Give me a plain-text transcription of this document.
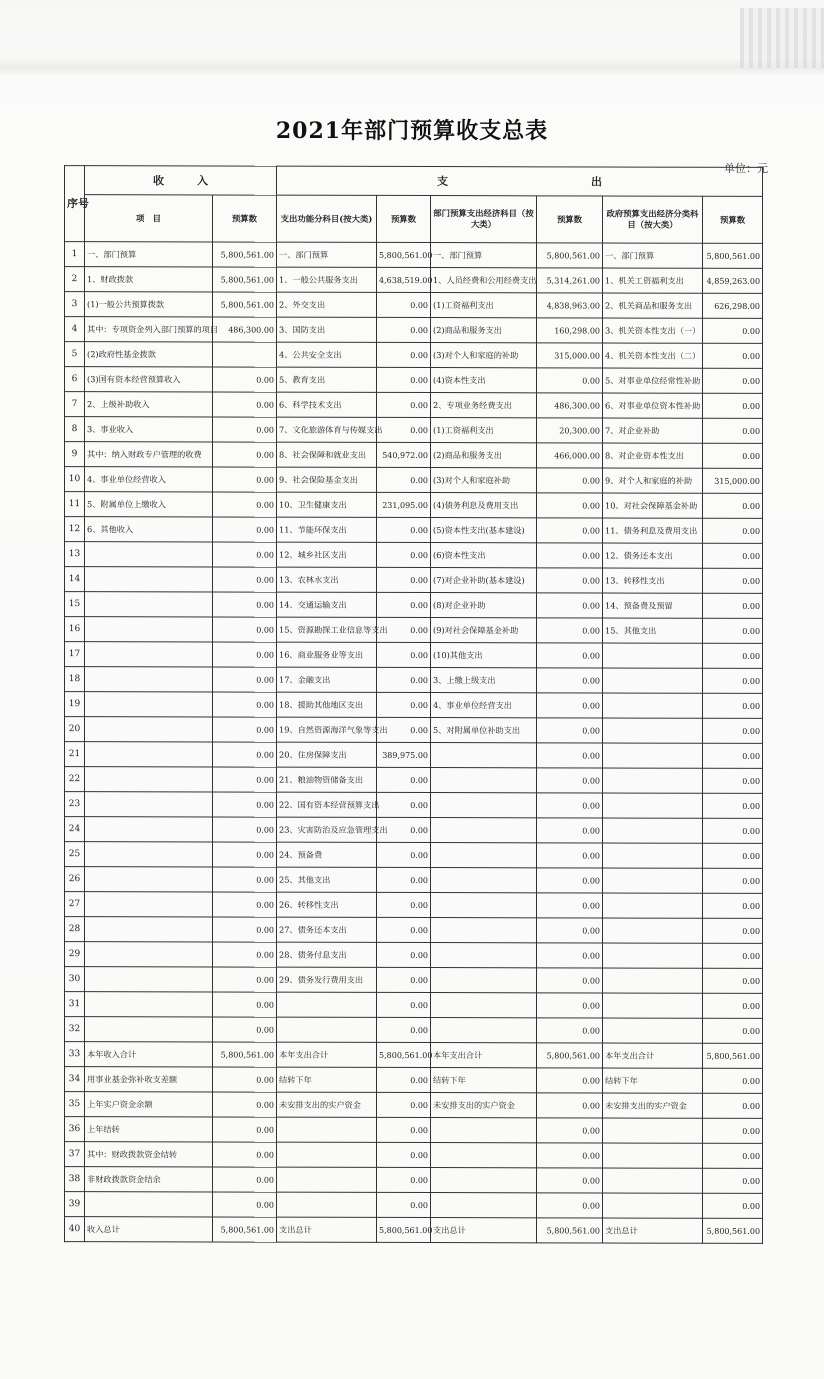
2021年部门预算收支总表
单位：元
序号	收　　　入		支　　　　　　　　　　　　　出					
	项　目	预算数	支出功能分科目(按大类)	预算数	部门预算支出经济科目（按大类）	预算数	政府预算支出经济分类科目（按大类）	预算数
1	一、部门预算	5,800,561.00	一、部门预算	5,800,561.00	一、部门预算	5,800,561.00	一、部门预算	5,800,561.00
2	1、财政拨款	5,800,561.00	1、一般公共服务支出	4,638,519.00	1、人员经费和公用经费支出	5,314,261.00	1、机关工资福利支出	4,859,263.00
3	(1)一般公共预算拨款	5,800,561.00	2、外交支出	0.00	(1)工资福利支出	4,838,963.00	2、机关商品和服务支出	626,298.00
4	其中：专项资金列入部门预算的项目	486,300.00	3、国防支出	0.00	(2)商品和服务支出	160,298.00	3、机关资本性支出（一）	0.00
5	(2)政府性基金拨款		4、公共安全支出	0.00	(3)对个人和家庭的补助	315,000.00	4、机关资本性支出（二）	0.00
6	(3)国有资本经营预算收入	0.00	5、教育支出	0.00	(4)资本性支出	0.00	5、对事业单位经常性补助	0.00
7	2、上级补助收入	0.00	6、科学技术支出	0.00	2、专项业务经费支出	486,300.00	6、对事业单位资本性补助	0.00
8	3、事业收入	0.00	7、文化旅游体育与传媒支出	0.00	(1)工资福利支出	20,300.00	7、对企业补助	0.00
9	其中：纳入财政专户管理的收费	0.00	8、社会保障和就业支出	540,972.00	(2)商品和服务支出	466,000.00	8、对企业资本性支出	0.00
10	4、事业单位经营收入	0.00	9、社会保险基金支出	0.00	(3)对个人和家庭补助	0.00	9、对个人和家庭的补助	315,000.00
11	5、附属单位上缴收入	0.00	10、卫生健康支出	231,095.00	(4)债务利息及费用支出	0.00	10、对社会保障基金补助	0.00
12	6、其他收入	0.00	11、节能环保支出	0.00	(5)资本性支出(基本建设)	0.00	11、债务利息及费用支出	0.00
13		0.00	12、城乡社区支出	0.00	(6)资本性支出	0.00	12、债务还本支出	0.00
14		0.00	13、农林水支出	0.00	(7)对企业补助(基本建设)	0.00	13、转移性支出	0.00
15		0.00	14、交通运输支出	0.00	(8)对企业补助	0.00	14、预备费及预留	0.00
16		0.00	15、资源勘探工业信息等支出	0.00	(9)对社会保障基金补助	0.00	15、其他支出	0.00
17		0.00	16、商业服务业等支出	0.00	(10)其他支出	0.00		0.00
18		0.00	17、金融支出	0.00	3、上缴上级支出	0.00		0.00
19		0.00	18、援助其他地区支出	0.00	4、事业单位经营支出	0.00		0.00
20		0.00	19、自然资源海洋气象等支出	0.00	5、对附属单位补助支出	0.00		0.00
21		0.00	20、住房保障支出	389,975.00		0.00		0.00
22		0.00	21、粮油物资储备支出	0.00		0.00		0.00
23		0.00	22、国有资本经营预算支出	0.00		0.00		0.00
24		0.00	23、灾害防治及应急管理支出	0.00		0.00		0.00
25		0.00	24、预备费	0.00		0.00		0.00
26		0.00	25、其他支出	0.00		0.00		0.00
27		0.00	26、转移性支出	0.00		0.00		0.00
28		0.00	27、债务还本支出	0.00		0.00		0.00
29		0.00	28、债务付息支出	0.00		0.00		0.00
30		0.00	29、债务发行费用支出	0.00		0.00		0.00
31		0.00		0.00		0.00		0.00
32		0.00		0.00		0.00		0.00
33	本年收入合计	5,800,561.00	本年支出合计	5,800,561.00	本年支出合计	5,800,561.00	本年支出合计	5,800,561.00
34	用事业基金弥补收支差额	0.00	结转下年	0.00	结转下年	0.00	结转下年	0.00
35	上年实户资金余额	0.00	未安排支出的实户资金	0.00	未安排支出的实户资金	0.00	未安排支出的实户资金	0.00
36	上年结转	0.00		0.00		0.00		0.00
37	其中：财政拨款资金结转	0.00		0.00		0.00		0.00
38	非财政拨款资金结余	0.00		0.00		0.00		0.00
39		0.00		0.00		0.00		0.00
40	收入总计	5,800,561.00	支出总计	5,800,561.00	支出总计	5,800,561.00	支出总计	5,800,561.00
